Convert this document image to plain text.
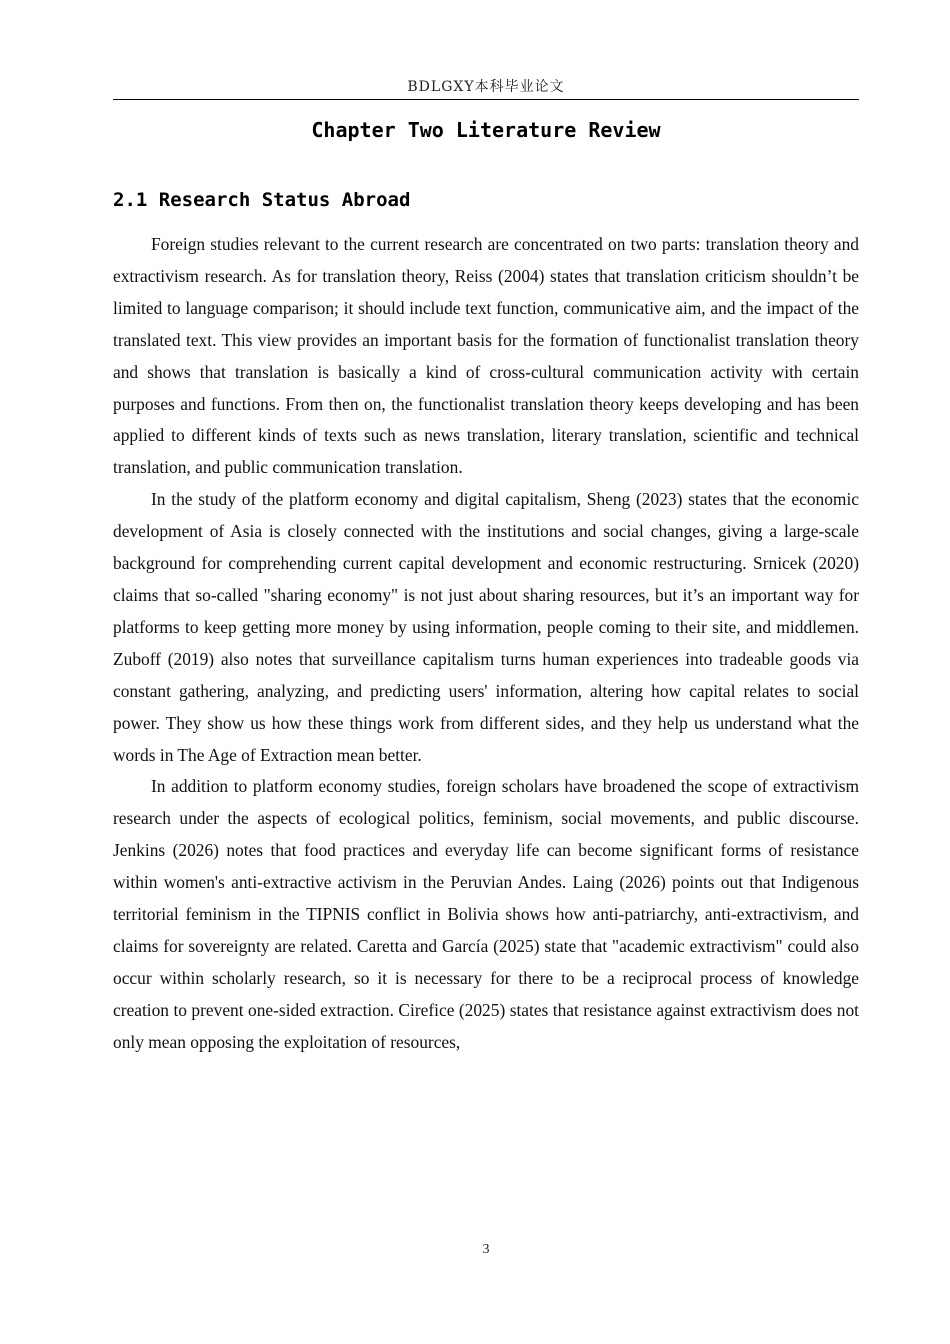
BDLGXY本科毕业论文
Chapter Two Literature Review
2.1 Research Status Abroad

Foreign studies relevant to the current research are concentrated on two parts: translation theory and extractivism research. As for translation theory, Reiss (2004) states that translation criticism shouldn’t be limited to language comparison; it should include text function, communicative aim, and the impact of the translated text. This view provides an important basis for the formation of functionalist translation theory and shows that translation is basically a kind of cross-cultural communication activity with certain purposes and functions. From then on, the functionalist translation theory keeps developing and has been applied to different kinds of texts such as news translation, literary translation, scientific and technical translation, and public communication translation.

In the study of the platform economy and digital capitalism, Sheng (2023) states that the economic development of Asia is closely connected with the institutions and social changes, giving a large-scale background for comprehending current capital development and economic restructuring. Srnicek (2020) claims that so-called "sharing economy" is not just about sharing resources, but it’s an important way for platforms to keep getting more money by using information, people coming to their site, and middlemen. Zuboff (2019) also notes that surveillance capitalism turns human experiences into tradeable goods via constant gathering, analyzing, and predicting users' information, altering how capital relates to social power. They show us how these things work from different sides, and they help us understand what the words in The Age of Extraction mean better.

In addition to platform economy studies, foreign scholars have broadened the scope of extractivism research under the aspects of ecological politics, feminism, social movements, and public discourse. Jenkins (2026) notes that food practices and everyday life can become significant forms of resistance within women's anti-extractive activism in the Peruvian Andes. Laing (2026) points out that Indigenous territorial feminism in the TIPNIS conflict in Bolivia shows how anti-patriarchy, anti-extractivism, and claims for sovereignty are related. Caretta and García (2025) state that "academic extractivism" could also occur within scholarly research, so it is necessary for there to be a reciprocal process of knowledge creation to prevent one-sided extraction. Cirefice (2025) states that resistance against extractivism does not only mean opposing the exploitation of resources,

3
